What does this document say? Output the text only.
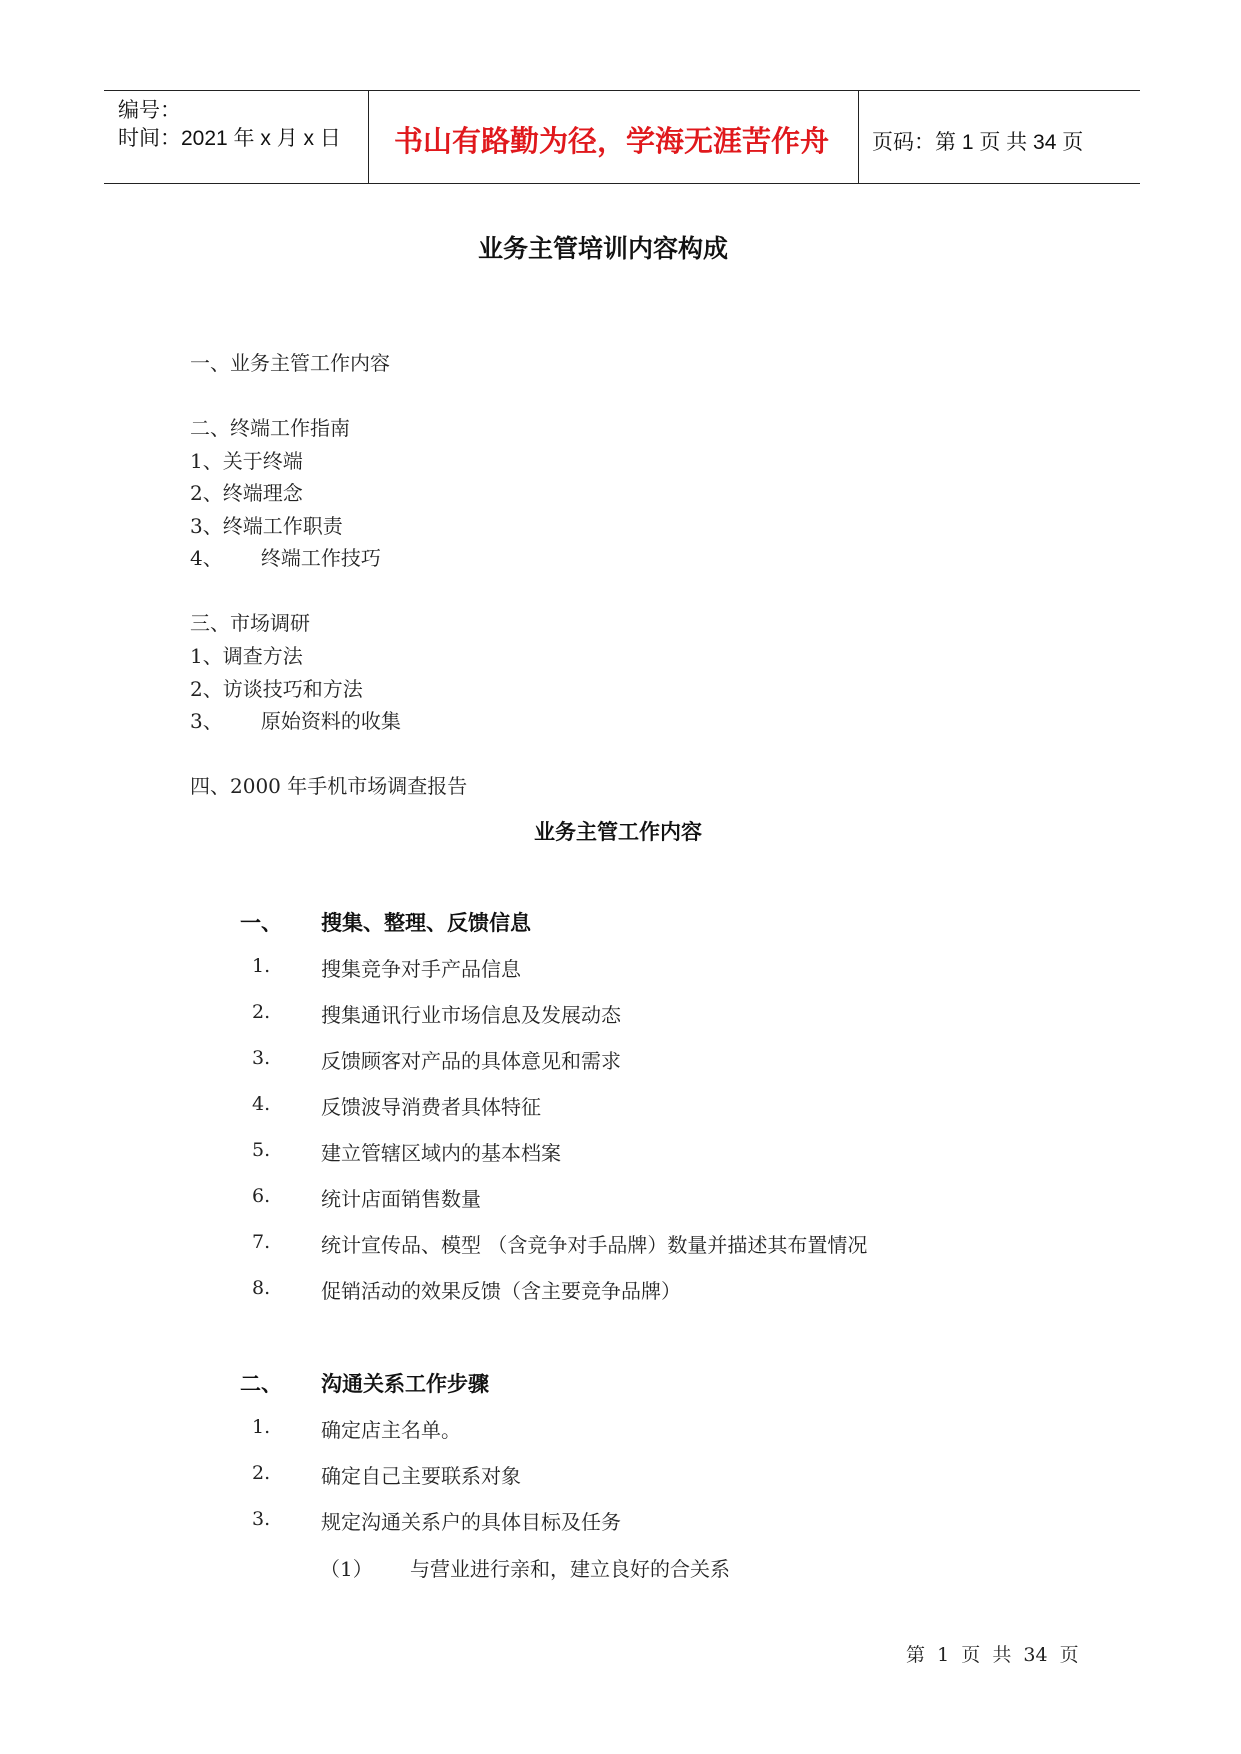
编号：
时间：2021 年 x 月 x 日 书山有路勤为径，学海无涯苦作舟 页码：第 1 页 共 34 页
业务主管培训内容构成
一、业务主管工作内容
二、终端工作指南
1、关于终端
2、终端理念
3、终端工作职责
4、      终端工作技巧
三、市场调研
1、调查方法
2、访谈技巧和方法
3、      原始资料的收集
四、2000 年手机市场调查报告
业务主管工作内容
一、 搜集、整理、反馈信息
1.	搜集竞争对手产品信息
2.	搜集通讯行业市场信息及发展动态
3.	反馈顾客对产品的具体意见和需求
4.	反馈波导消费者具体特征
5.	建立管辖区域内的基本档案
6.	统计店面销售数量
7.	统计宣传品、模型 （含竞争对手品牌）数量并描述其布置情况
8.	促销活动的效果反馈（含主要竞争品牌）
二、 沟通关系工作步骤
1.	确定店主名单。
2.	确定自己主要联系对象
3.	规定沟通关系户的具体目标及任务
（1） 与营业进行亲和，建立良好的合关系
第  1  页  共  34  页
